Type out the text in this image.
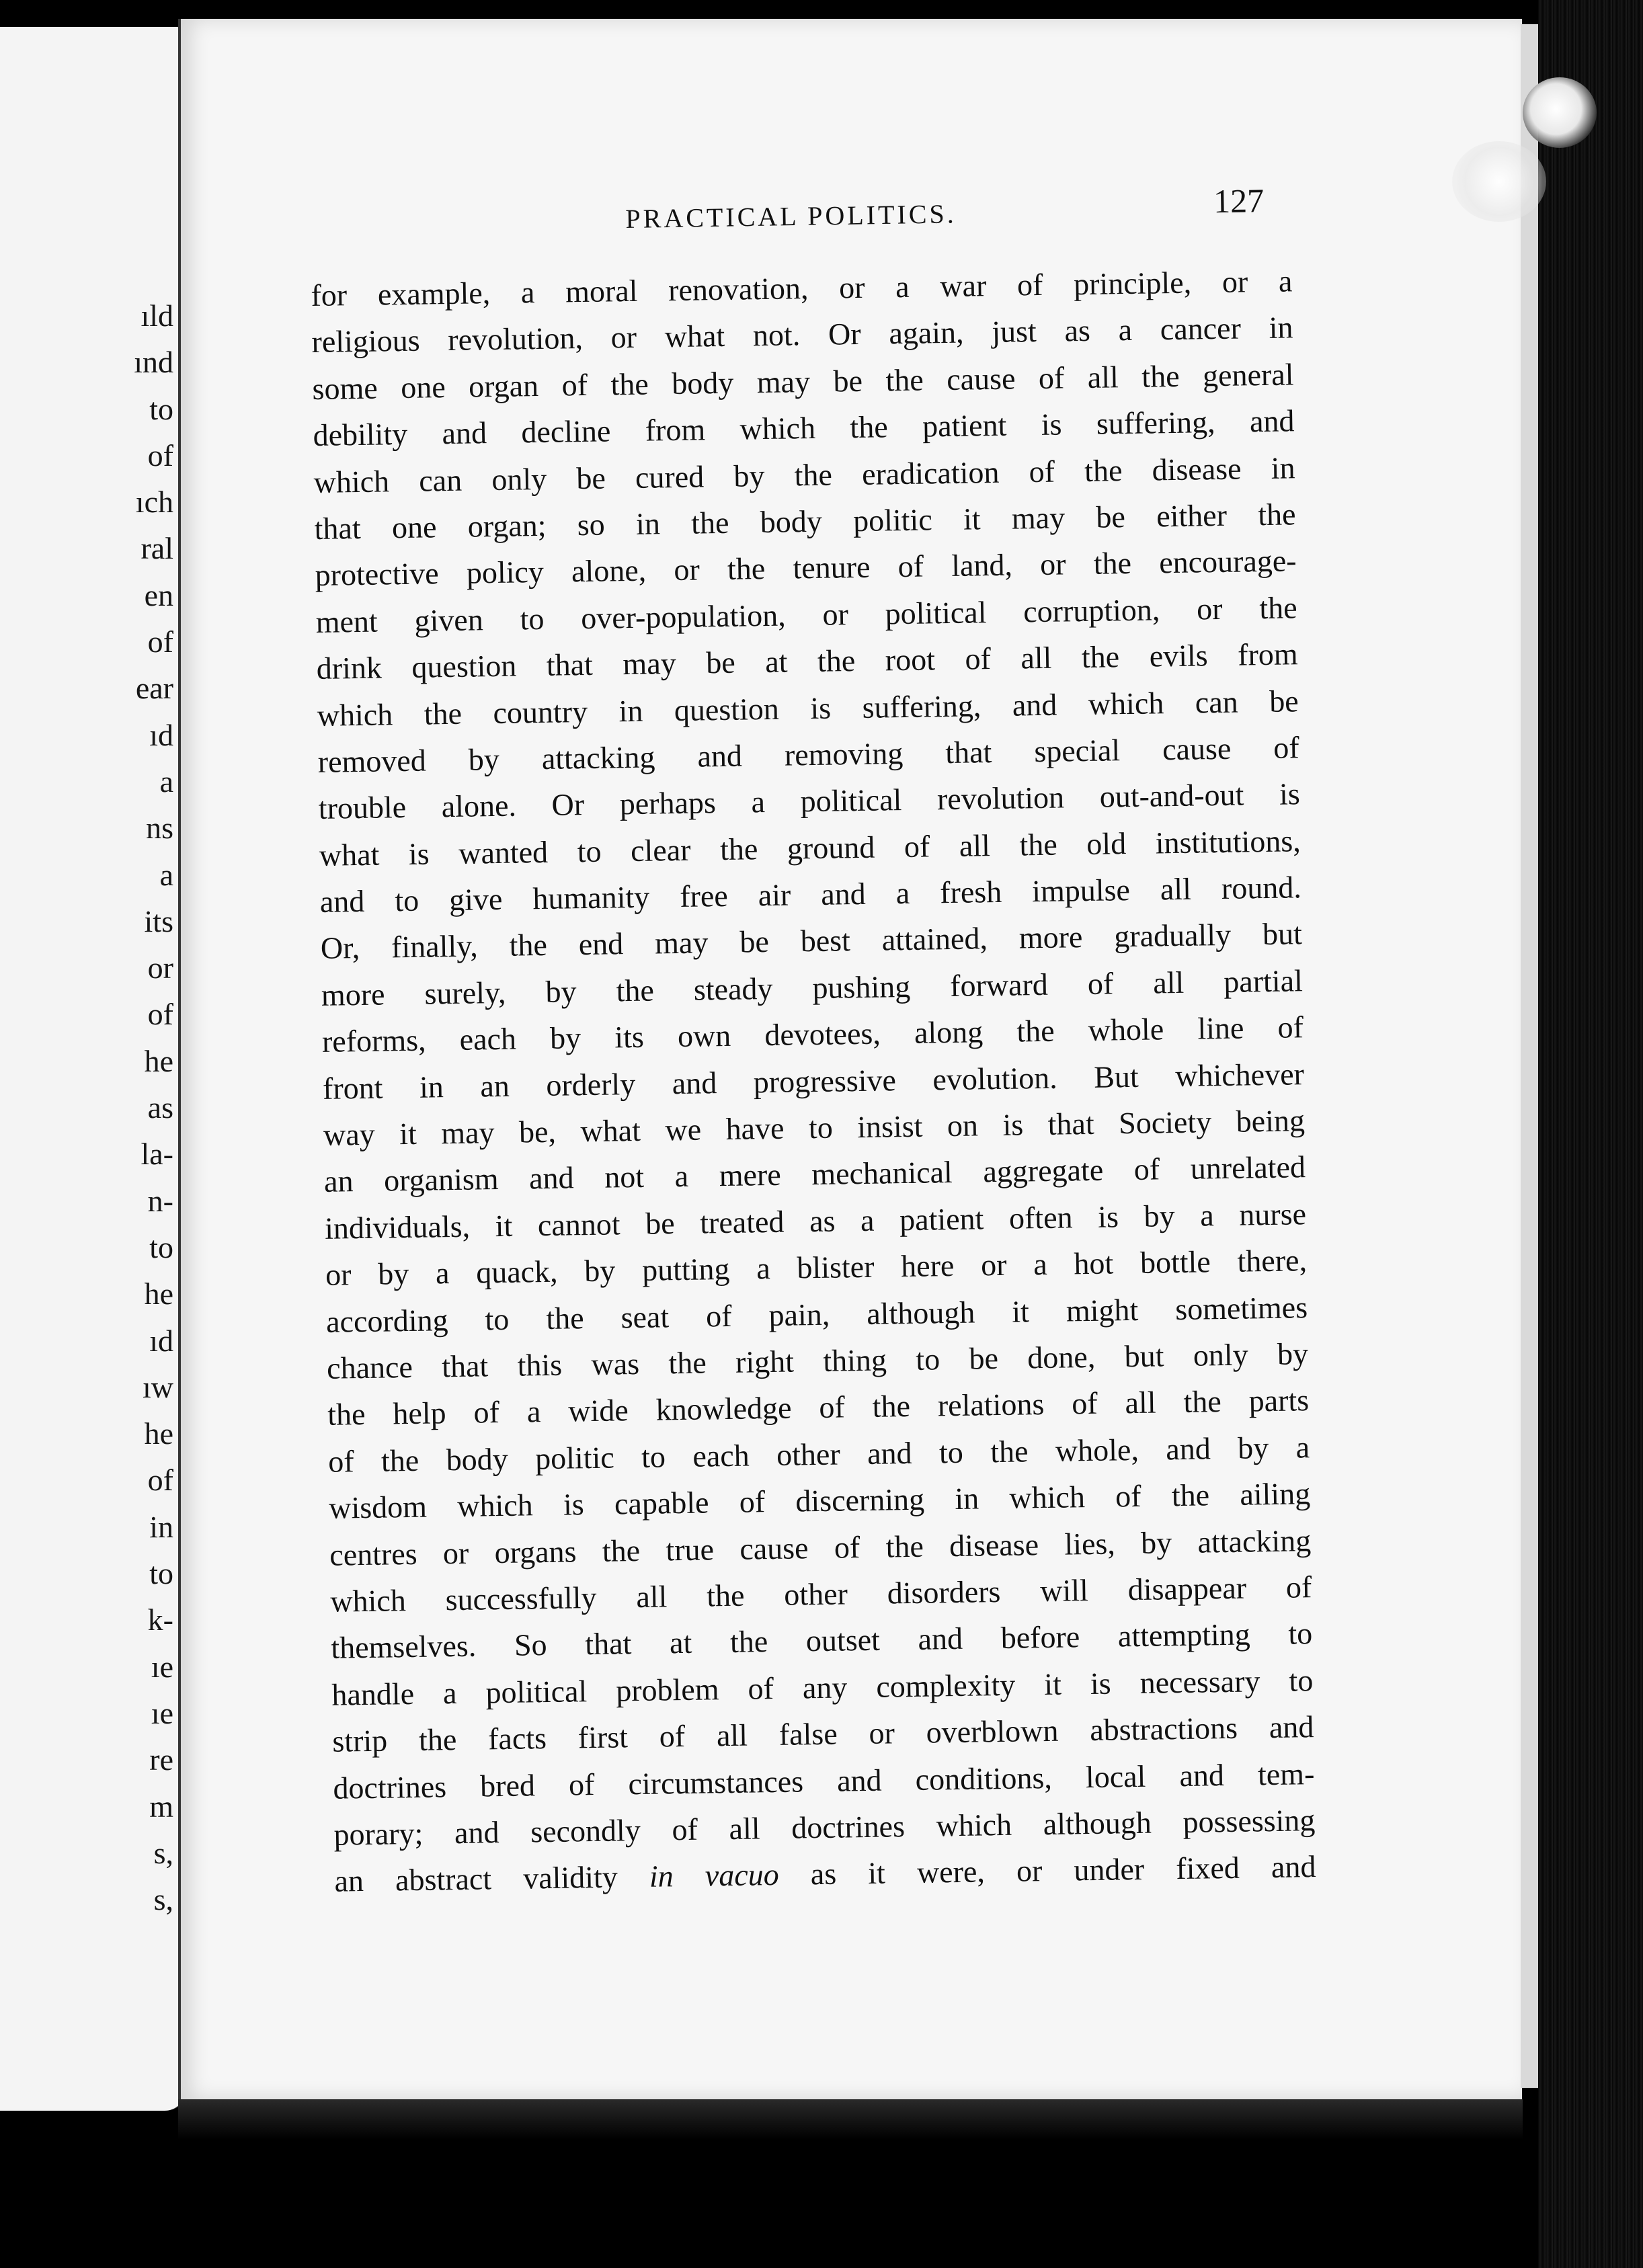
ıld
ınd
to
of
ıch
ral
en
of
ear
ıd
a
ns
a
its
or
of
he
as
la-
n-
to
he
ıd
ıw
he
of
in
to
k-
ıe
ıe
re
m
s,
s,
PRACTICAL POLITICS.	127
for example, a moral renovation, or a war of principle, or a
religious revolution, or what not. Or again, just as a cancer in
some one organ of the body may be the cause of all the general
debility and decline from which the patient is suffering, and
which can only be cured by the eradication of the disease in
that one organ; so in the body politic it may be either the
protective policy alone, or the tenure of land, or the encourage-
ment given to over-population, or political corruption, or the
drink question that may be at the root of all the evils from
which the country in question is suffering, and which can be
removed by attacking and removing that special cause of
trouble alone. Or perhaps a political revolution out-and-out is
what is wanted to clear the ground of all the old institutions,
and to give humanity free air and a fresh impulse all round.
Or, finally, the end may be best attained, more gradually but
more surely, by the steady pushing forward of all partial
reforms, each by its own devotees, along the whole line of
front in an orderly and progressive evolution. But whichever
way it may be, what we have to insist on is that Society being
an organism and not a mere mechanical aggregate of unrelated
individuals, it cannot be treated as a patient often is by a nurse
or by a quack, by putting a blister here or a hot bottle there,
according to the seat of pain, although it might sometimes
chance that this was the right thing to be done, but only by
the help of a wide knowledge of the relations of all the parts
of the body politic to each other and to the whole, and by a
wisdom which is capable of discerning in which of the ailing
centres or organs the true cause of the disease lies, by attacking
which successfully all the other disorders will disappear of
themselves. So that at the outset and before attempting to
handle a political problem of any complexity it is necessary to
strip the facts first of all false or overblown abstractions and
doctrines bred of circumstances and conditions, local and tem-
porary; and secondly of all doctrines which although possessing
an abstract validity in vacuo as it were, or under fixed and
